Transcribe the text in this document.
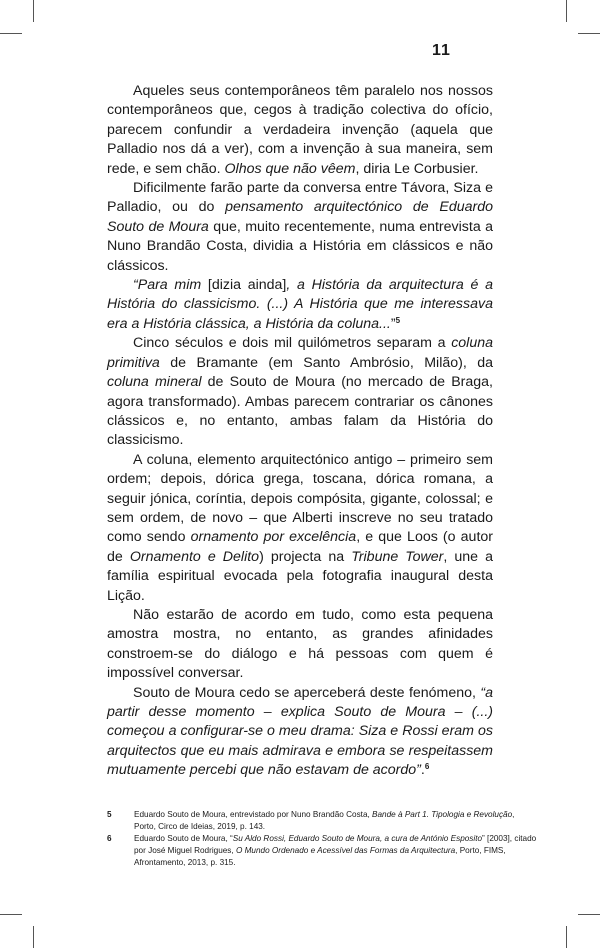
11

Aqueles seus contemporâneos têm paralelo nos nossos contemporâneos que, cegos à tradição colectiva do ofício, parecem confundir a verdadeira invenção (aquela que Palladio nos dá a ver), com a invenção à sua maneira, sem rede, e sem chão. Olhos que não vêem, diria Le Corbusier.

Dificilmente farão parte da conversa entre Távora, Siza e Palladio, ou do pensamento arquitectónico de Eduardo Souto de Moura que, muito recentemente, numa entrevista a Nuno Brandão Costa, dividia a História em clássicos e não clássicos.

“Para mim [dizia ainda], a História da arquitectura é a História do classicismo. (...) A História que me interessava era a História clássica, a História da coluna...”$^5$

Cinco séculos e dois mil quilómetros separam a coluna primitiva de Bramante (em Santo Ambrósio, Milão), da coluna mineral de Souto de Moura (no mercado de Braga, agora transformado). Ambas parecem contrariar os cânones clássicos e, no entanto, ambas falam da História do classicismo.

A coluna, elemento arquitectónico antigo – primeiro sem ordem; depois, dórica grega, toscana, dórica romana, a seguir jónica, coríntia, depois compósita, gigante, colossal; e sem ordem, de novo – que Alberti inscreve no seu tratado como sendo ornamento por excelência, e que Loos (o autor de Ornamento e Delito) projecta na Tribune Tower, une a família espiritual evocada pela fotografia inaugural desta Lição.

Não estarão de acordo em tudo, como esta pequena amostra mostra, no entanto, as grandes afinidades constroem-se do diálogo e há pessoas com quem é impossível conversar.

Souto de Moura cedo se aperceberá deste fenómeno, “a partir desse momento – explica Souto de Moura – (...) começou a configurar-se o meu drama: Siza e Rossi eram os arquitectos que eu mais admirava e embora se respeitassem mutuamente percebi que não estavam de acordo”.$^6$

5	Eduardo Souto de Moura, entrevistado por Nuno Brandão Costa, Bande à Part 1. Tipologia e Revolução, Porto, Circo de Ideias, 2019, p. 143.
6	Eduardo Souto de Moura, “Su Aldo Rossi, Eduardo Souto de Moura, a cura de António Esposito” [2003], citado por José Miguel Rodrigues, O Mundo Ordenado e Acessível das Formas da Arquitectura, Porto, FIMS, Afrontamento, 2013, p. 315.
